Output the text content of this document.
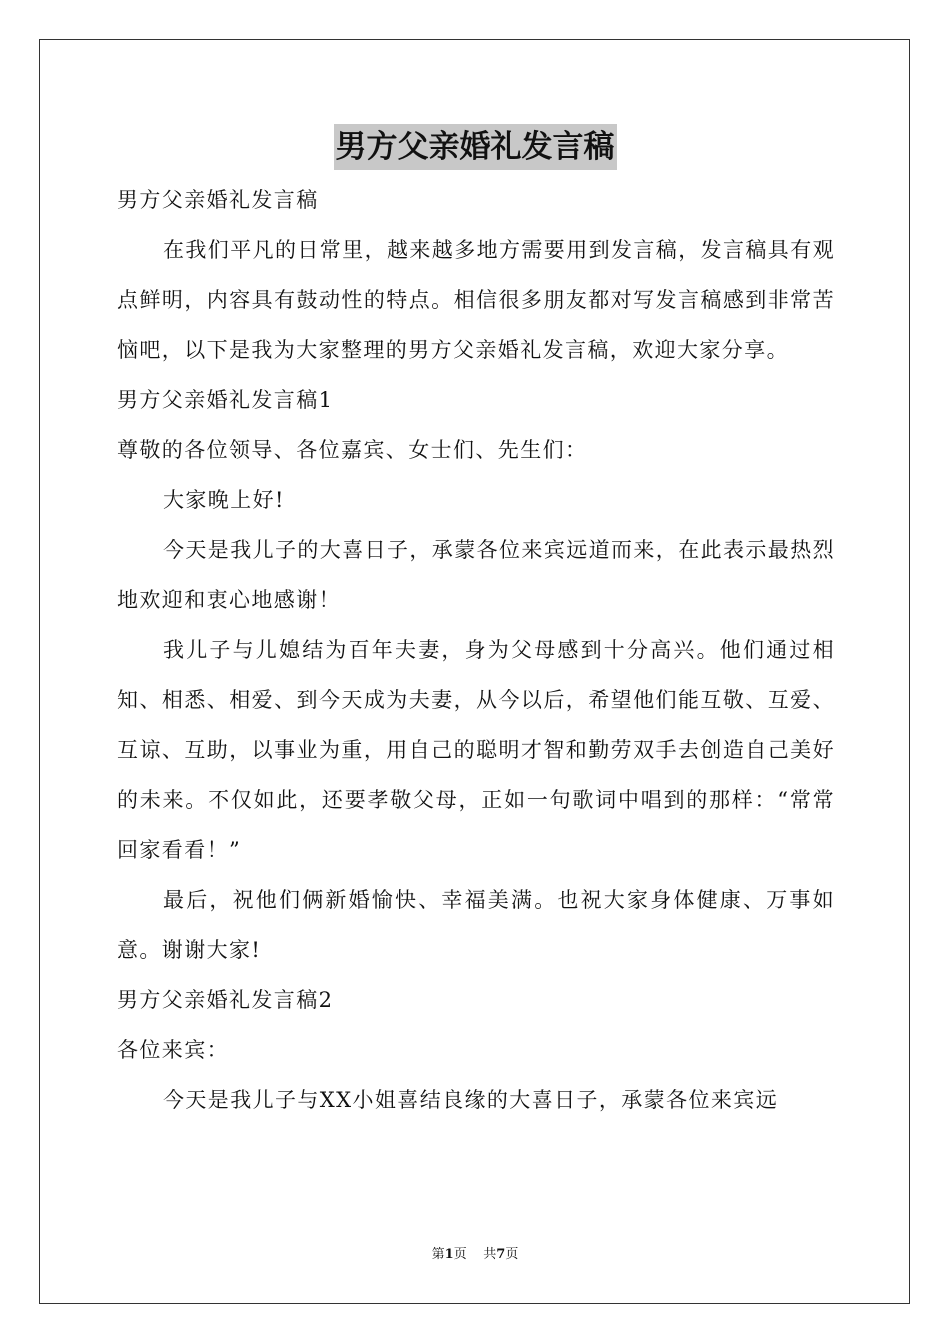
男方父亲婚礼发言稿

男方父亲婚礼发言稿

在我们平凡的日常里，越来越多地方需要用到发言稿，发言稿具有观点鲜明，内容具有鼓动性的特点。相信很多朋友都对写发言稿感到非常苦恼吧，以下是我为大家整理的男方父亲婚礼发言稿，欢迎大家分享。

男方父亲婚礼发言稿1

尊敬的各位领导、各位嘉宾、女士们、先生们：

大家晚上好!

今天是我儿子的大喜日子，承蒙各位来宾远道而来，在此表示最热烈地欢迎和衷心地感谢！

我儿子与儿媳结为百年夫妻，身为父母感到十分高兴。他们通过相知、相悉、相爱、到今天成为夫妻，从今以后，希望他们能互敬、互爱、互谅、互助，以事业为重，用自己的聪明才智和勤劳双手去创造自己美好的未来。不仅如此，还要孝敬父母，正如一句歌词中唱到的那样：“常常回家看看！”

最后，祝他们俩新婚愉快、幸福美满。也祝大家身体健康、万事如意。谢谢大家!

男方父亲婚礼发言稿2

各位来宾：

今天是我儿子与XX小姐喜结良缘的大喜日子，承蒙各位来宾远

第1页 共7页
